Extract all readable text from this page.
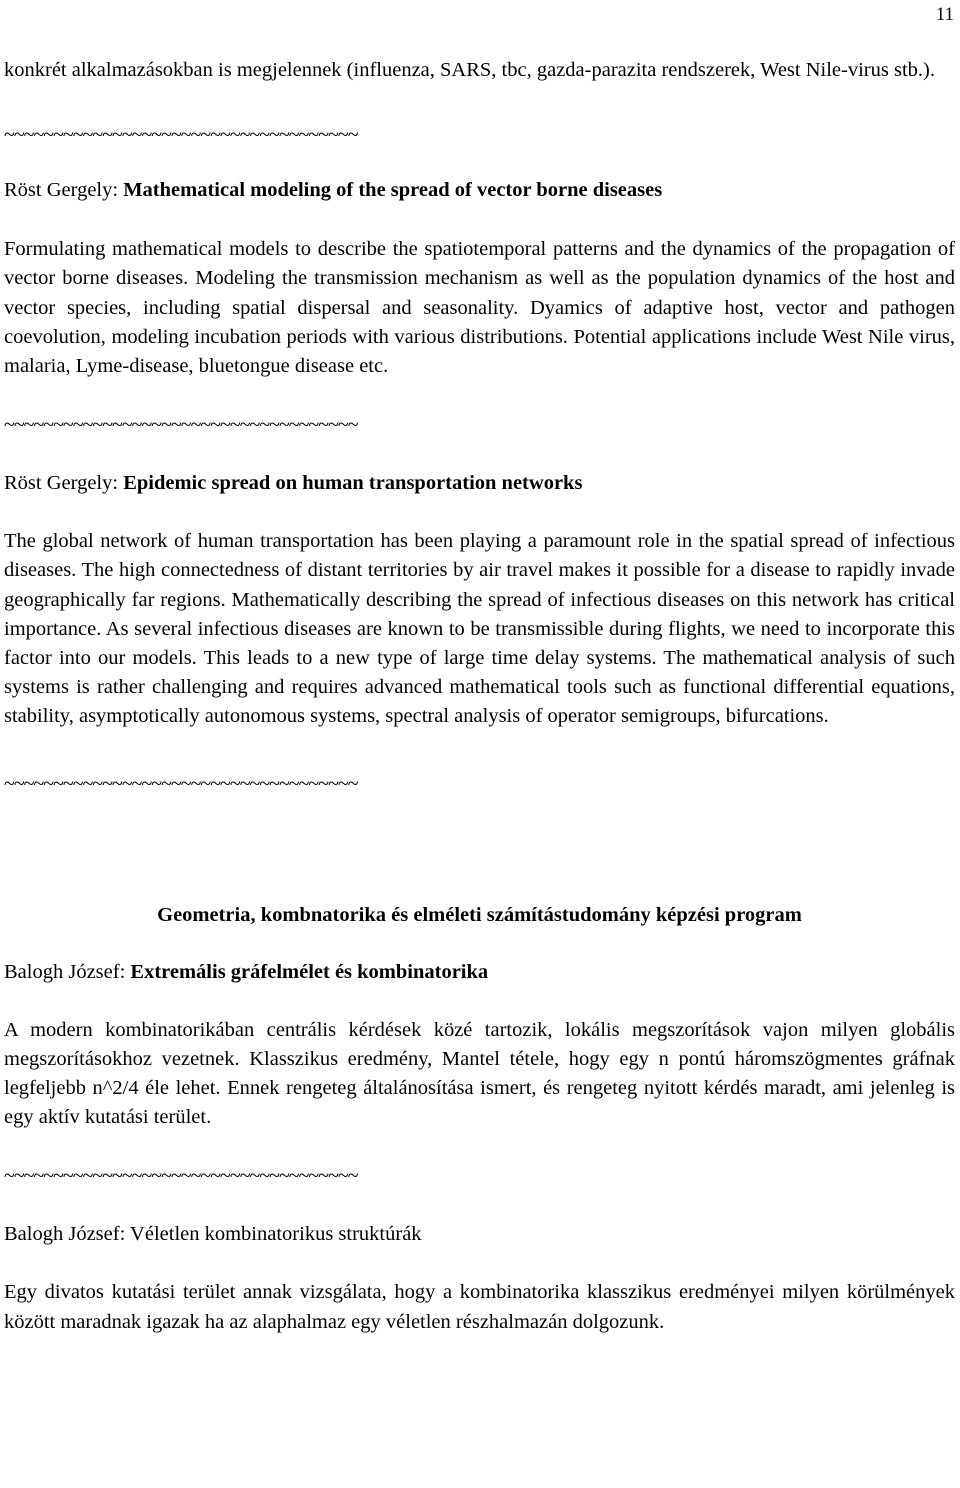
11

konkrét alkalmazásokban is megjelennek (influenza, SARS, tbc, gazda-parazita rendszerek, West Nile-virus stb.).

~~~~~~~~~~~~~~~~~~~~~~~~~~~~~~~~~~~~
Röst Gergely: Mathematical modeling of the spread of vector borne diseases

Formulating mathematical models to describe the spatiotemporal patterns and the dynamics of the propagation of vector borne diseases. Modeling the transmission mechanism as well as the population dynamics of the host and vector species, including spatial dispersal and seasonality. Dyamics of adaptive host, vector and pathogen coevolution, modeling incubation periods with various distributions. Potential applications include West Nile virus, malaria, Lyme-disease, bluetongue disease etc.

~~~~~~~~~~~~~~~~~~~~~~~~~~~~~~~~~~~~
Röst Gergely: Epidemic spread on human transportation networks

The global network of human transportation has been playing a paramount role in the spatial spread of infectious diseases. The high connectedness of distant territories by air travel makes it possible for a disease to rapidly invade geographically far regions. Mathematically describing the spread of infectious diseases on this network has critical importance. As several infectious diseases are known to be transmissible during flights, we need to incorporate this factor into our models. This leads to a new type of large time delay systems. The mathematical analysis of such systems is rather challenging and requires advanced mathematical tools such as functional differential equations, stability, asymptotically autonomous systems, spectral analysis of operator semigroups, bifurcations.

~~~~~~~~~~~~~~~~~~~~~~~~~~~~~~~~~~~~
Geometria, kombnatorika és elméleti számítástudomány képzési program
Balogh József: Extremális gráfelmélet és kombinatorika

A modern kombinatorikában centrális kérdések közé tartozik, lokális megszorítások vajon milyen globális megszorításokhoz vezetnek. Klasszikus eredmény, Mantel tétele, hogy egy n pontú háromszögmentes gráfnak legfeljebb n^2/4 éle lehet. Ennek rengeteg általánosítása ismert, és rengeteg nyitott kérdés maradt, ami jelenleg is egy aktív kutatási terület.

~~~~~~~~~~~~~~~~~~~~~~~~~~~~~~~~~~~~
Balogh József: Véletlen kombinatorikus struktúrák

Egy divatos kutatási terület annak vizsgálata, hogy a kombinatorika klasszikus eredményei milyen körülmények között maradnak igazak ha az alaphalmaz egy véletlen részhalmazán dolgozunk.
